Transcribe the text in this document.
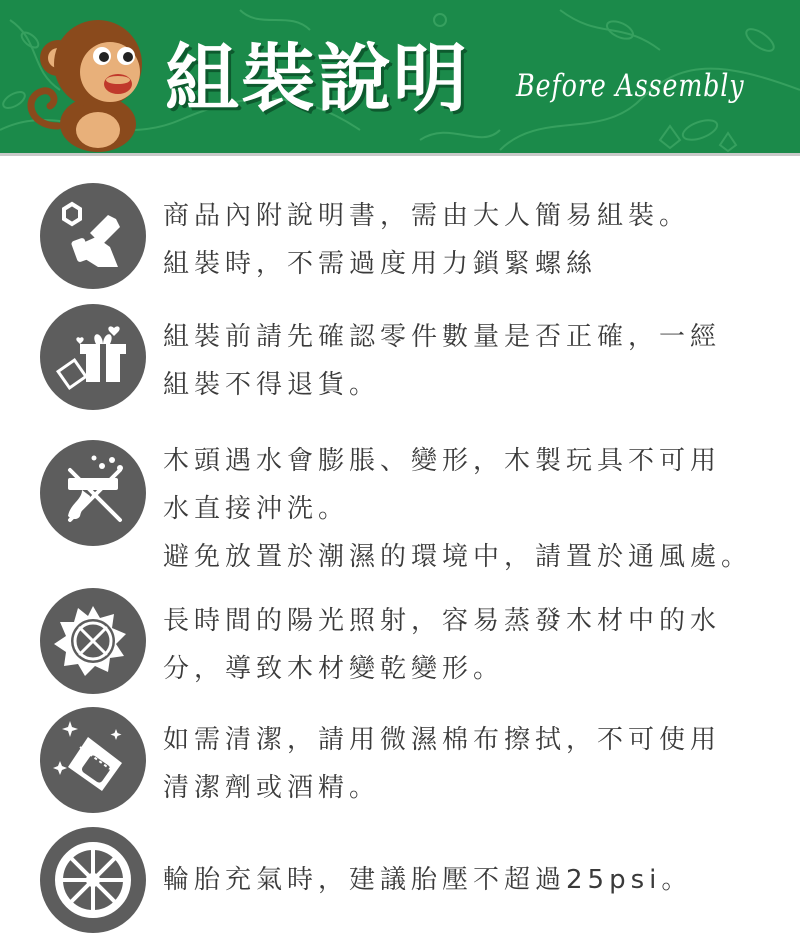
組裝說明 Before Assembly
商品內附說明書，需由大人簡易組裝。
組裝時，不需過度用力鎖緊螺絲
組裝前請先確認零件數量是否正確，一經
組裝不得退貨。
木頭遇水會膨脹、變形，木製玩具不可用
水直接沖洗。
避免放置於潮濕的環境中，請置於通風處。
長時間的陽光照射，容易蒸發木材中的水
分，導致木材變乾變形。
如需清潔，請用微濕棉布擦拭，不可使用
清潔劑或酒精。
輪胎充氣時，建議胎壓不超過25psi。
